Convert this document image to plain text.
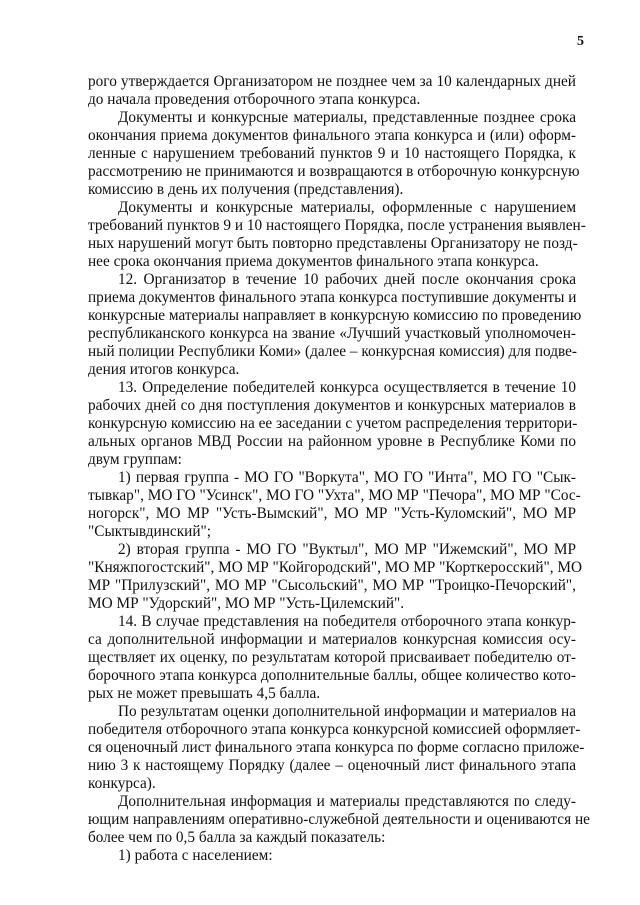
5
рого утверждается Организатором не позднее чем за 10 календарных дней
до начала проведения отборочного этапа конкурса.
Документы и конкурсные материалы, представленные позднее срока
окончания приема документов финального этапа конкурса и (или) оформ-
ленные с нарушением требований пунктов 9 и 10 настоящего Порядка, к
рассмотрению не принимаются и возвращаются в отборочную конкурсную
комиссию в день их получения (представления).
Документы и конкурсные материалы, оформленные с нарушением
требований пунктов 9 и 10 настоящего Порядка, после устранения выявлен-
ных нарушений могут быть повторно представлены Организатору не позд-
нее срока окончания приема документов финального этапа конкурса.
12. Организатор в течение 10 рабочих дней после окончания срока
приема документов финального этапа конкурса поступившие документы и
конкурсные материалы направляет в конкурсную комиссию по проведению
республиканского конкурса на звание «Лучший участковый уполномочен-
ный полиции Республики Коми» (далее – конкурсная комиссия) для подве-
дения итогов конкурса.
13. Определение победителей конкурса осуществляется в течение 10
рабочих дней со дня поступления документов и конкурсных материалов в
конкурсную комиссию на ее заседании с учетом распределения территори-
альных органов МВД России на районном уровне в Республике Коми по
двум группам:
1) первая группа - МО ГО "Воркута", МО ГО "Инта", МО ГО "Сык-
тывкар", МО ГО "Усинск", МО ГО "Ухта", МО МР "Печора", МО МР "Сос-
ногорск", МО МР "Усть-Вымский", МО МР "Усть-Куломский", МО МР
"Сыктывдинский";
2) вторая группа - МО ГО "Вуктыл", МО МР "Ижемский", МО МР
"Княжпогостский", МО МР "Койгородский", МО МР "Корткеросский", МО
МР "Прилузский", МО МР "Сысольский", МО МР "Троицко-Печорский",
МО МР "Удорский", МО МР "Усть-Цилемский".
14. В случае представления на победителя отборочного этапа конкур-
са дополнительной информации и материалов конкурсная комиссия осу-
ществляет их оценку, по результатам которой присваивает победителю от-
борочного этапа конкурса дополнительные баллы, общее количество кото-
рых не может превышать 4,5 балла.
По результатам оценки дополнительной информации и материалов на
победителя отборочного этапа конкурса конкурсной комиссией оформляет-
ся оценочный лист финального этапа конкурса по форме согласно приложе-
нию 3 к настоящему Порядку (далее – оценочный лист финального этапа
конкурса).
Дополнительная информация и материалы представляются по следу-
ющим направлениям оперативно-служебной деятельности и оцениваются не
более чем по 0,5 балла за каждый показатель:
1) работа с населением:
